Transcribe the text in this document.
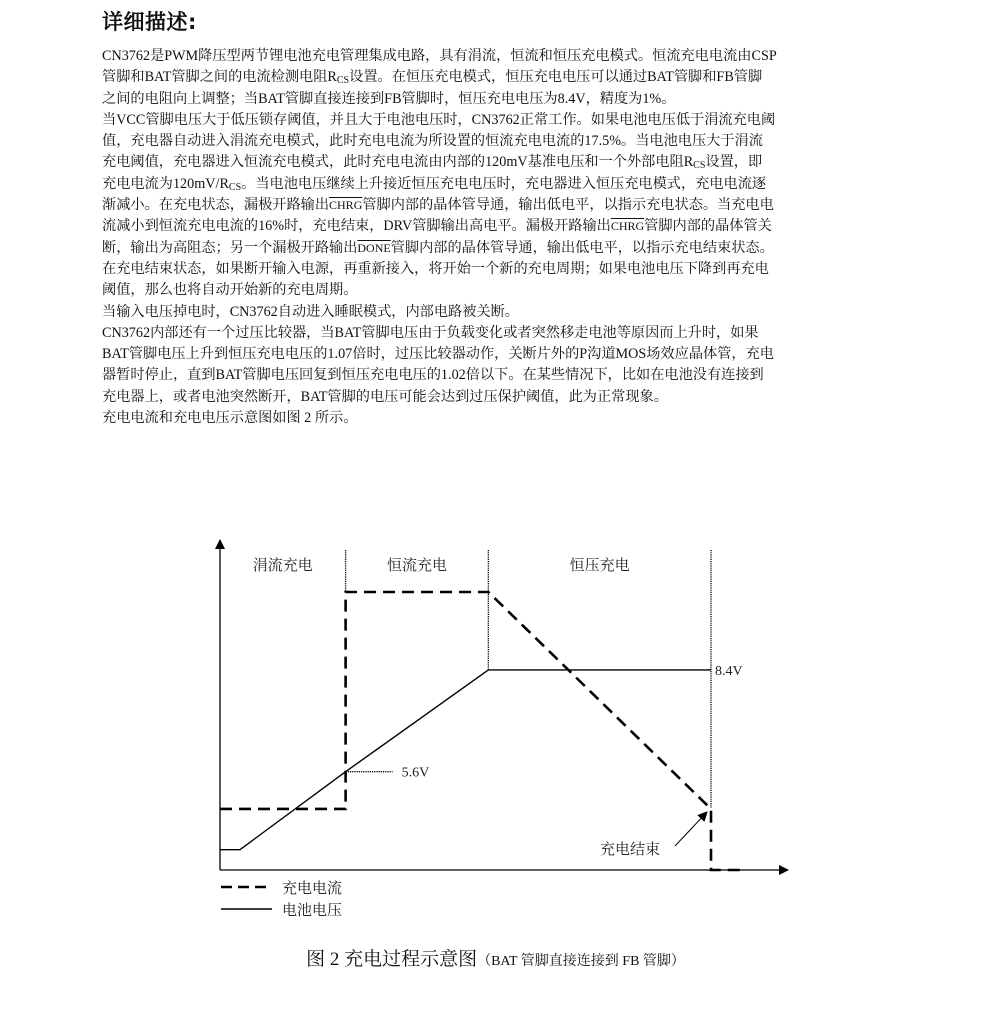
详细描述:
CN3762是PWM降压型两节锂电池充电管理集成电路，具有涓流，恒流和恒压充电模式。恒流充电电流由CSP
管脚和BAT管脚之间的电流检测电阻$R_{CS}$设置。在恒压充电模式，恒压充电电压可以通过BAT管脚和FB管脚
之间的电阻向上调整；当BAT管脚直接连接到FB管脚时，恒压充电电压为8.4V，精度为1%。
当VCC管脚电压大于低压锁存阈值，并且大于电池电压时，CN3762正常工作。如果电池电压低于涓流充电阈
值，充电器自动进入涓流充电模式，此时充电电流为所设置的恒流充电电流的17.5%。当电池电压大于涓流
充电阈值，充电器进入恒流充电模式，此时充电电流由内部的120mV基准电压和一个外部电阻$R_{CS}$设置，即
充电电流为$120mV/R_{CS}$。当电池电压继续上升接近恒压充电电压时，充电器进入恒压充电模式，充电电流逐
渐减小。在充电状态，漏极开路输出CHRG管脚内部的晶体管导通，输出低电平，以指示充电状态。当充电电
流减小到恒流充电电流的16%时，充电结束，DRV管脚输出高电平。漏极开路输出CHRG管脚内部的晶体管关
断，输出为高阻态；另一个漏极开路输出DONE管脚内部的晶体管导通，输出低电平，以指示充电结束状态。
在充电结束状态，如果断开输入电源，再重新接入，将开始一个新的充电周期；如果电池电压下降到再充电
阈值，那么也将自动开始新的充电周期。
当输入电压掉电时，CN3762自动进入睡眠模式，内部电路被关断。
CN3762内部还有一个过压比较器，当BAT管脚电压由于负载变化或者突然移走电池等原因而上升时，如果
BAT管脚电压上升到恒压充电电压的1.07倍时，过压比较器动作，关断片外的P沟道MOS场效应晶体管，充电
器暂时停止，直到BAT管脚电压回复到恒压充电电压的1.02倍以下。在某些情况下，比如在电池没有连接到
充电器上，或者电池突然断开，BAT管脚的电压可能会达到过压保护阈值，此为正常现象。
充电电流和充电电压示意图如图 2 所示。
涓流充电	恒流充电	恒压充电
5.6V
8.4V
充电结束
充电电流
电池电压
图 2 充电过程示意图（BAT 管脚直接连接到 FB 管脚）
